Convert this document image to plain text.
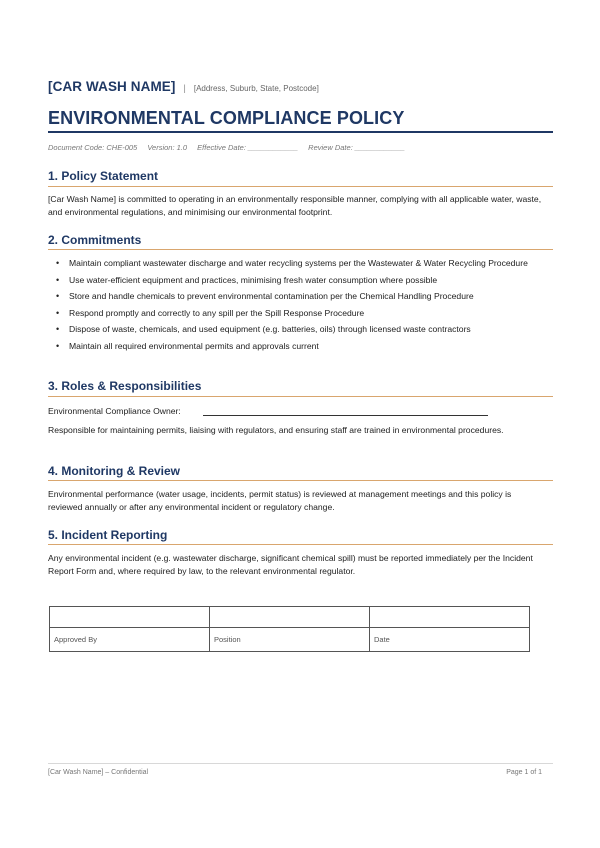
[CAR WASH NAME] | [Address, Suburb, State, Postcode]
ENVIRONMENTAL COMPLIANCE POLICY
Document Code: CHE-005 Version: 1.0 Effective Date: ____________ Review Date: ____________
1. Policy Statement
[Car Wash Name] is committed to operating in an environmentally responsible manner, complying with all applicable water, waste, and environmental regulations, and minimising our environmental footprint.
2. Commitments
• Maintain compliant wastewater discharge and water recycling systems per the Wastewater & Water Recycling Procedure
• Use water-efficient equipment and practices, minimising fresh water consumption where possible
• Store and handle chemicals to prevent environmental contamination per the Chemical Handling Procedure
• Respond promptly and correctly to any spill per the Spill Response Procedure
• Dispose of waste, chemicals, and used equipment (e.g. batteries, oils) through licensed waste contractors
• Maintain all required environmental permits and approvals current
3. Roles & Responsibilities
Environmental Compliance Owner:
Responsible for maintaining permits, liaising with regulators, and ensuring staff are trained in environmental procedures.
4. Monitoring & Review
Environmental performance (water usage, incidents, permit status) is reviewed at management meetings and this policy is reviewed annually or after any environmental incident or regulatory change.
5. Incident Reporting
Any environmental incident (e.g. wastewater discharge, significant chemical spill) must be reported immediately per the Incident Report Form and, where required by law, to the relevant environmental regulator.

Approved By	Position	Date
[Car Wash Name] – Confidential	Page 1 of 1
